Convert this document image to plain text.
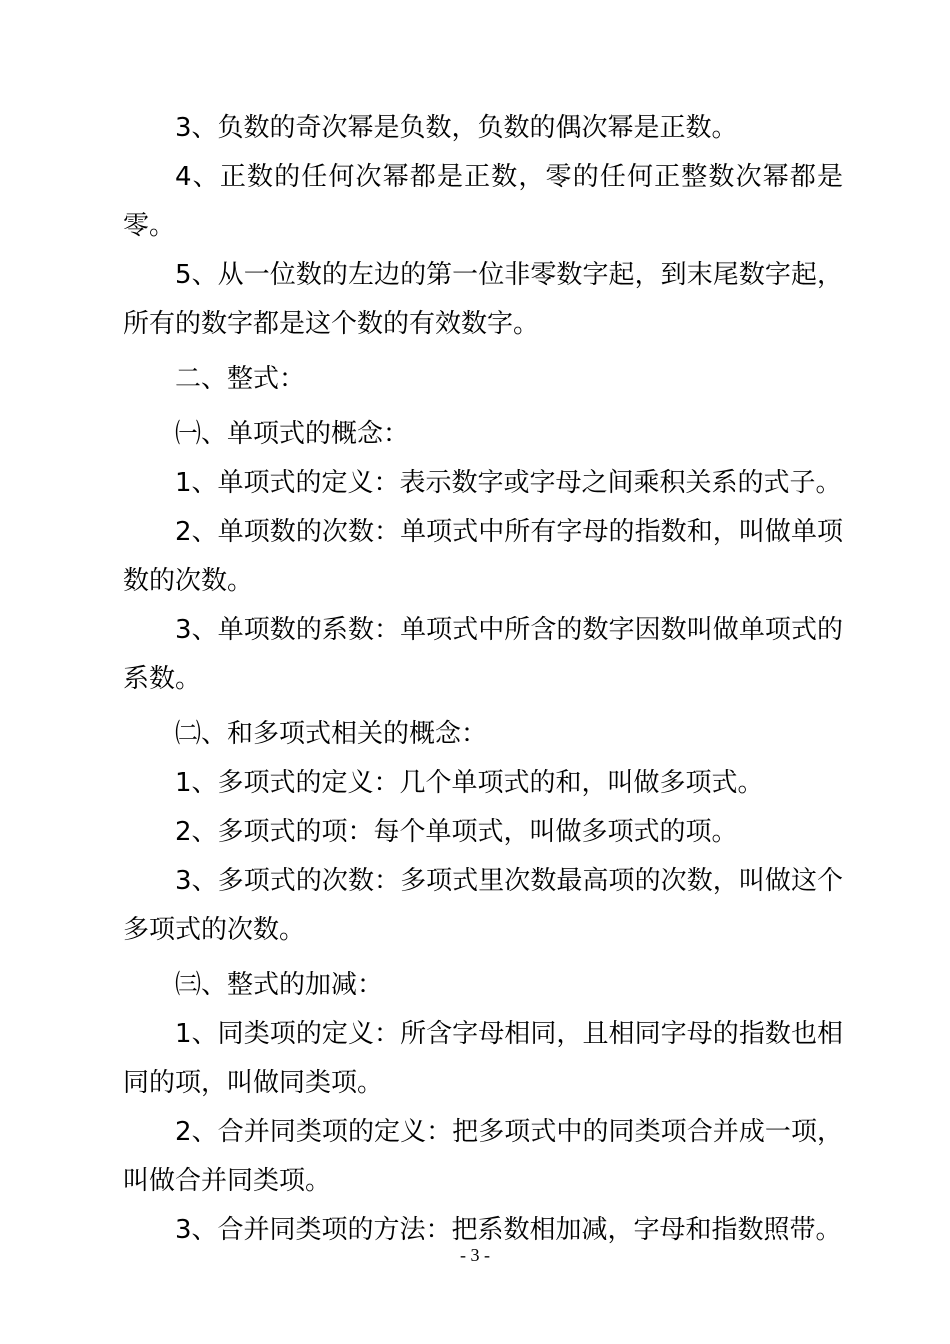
3、负数的奇次幂是负数，负数的偶次幂是正数。

4、正数的任何次幂都是正数，零的任何正整数次幂都是零。

5、从一位数的左边的第一位非零数字起，到末尾数字起，所有的数字都是这个数的有效数字。

二、整式：

㈠、单项式的概念：

1、单项式的定义：表示数字或字母之间乘积关系的式子。

2、单项数的次数：单项式中所有字母的指数和，叫做单项数的次数。

3、单项数的系数：单项式中所含的数字因数叫做单项式的系数。

㈡、和多项式相关的概念：

1、多项式的定义：几个单项式的和，叫做多项式。

2、多项式的项：每个单项式，叫做多项式的项。

3、多项式的次数：多项式里次数最高项的次数，叫做这个多项式的次数。

㈢、整式的加减：

1、同类项的定义：所含字母相同，且相同字母的指数也相同的项，叫做同类项。

2、合并同类项的定义：把多项式中的同类项合并成一项，叫做合并同类项。

3、合并同类项的方法：把系数相加减，字母和指数照带。

- 3 -
